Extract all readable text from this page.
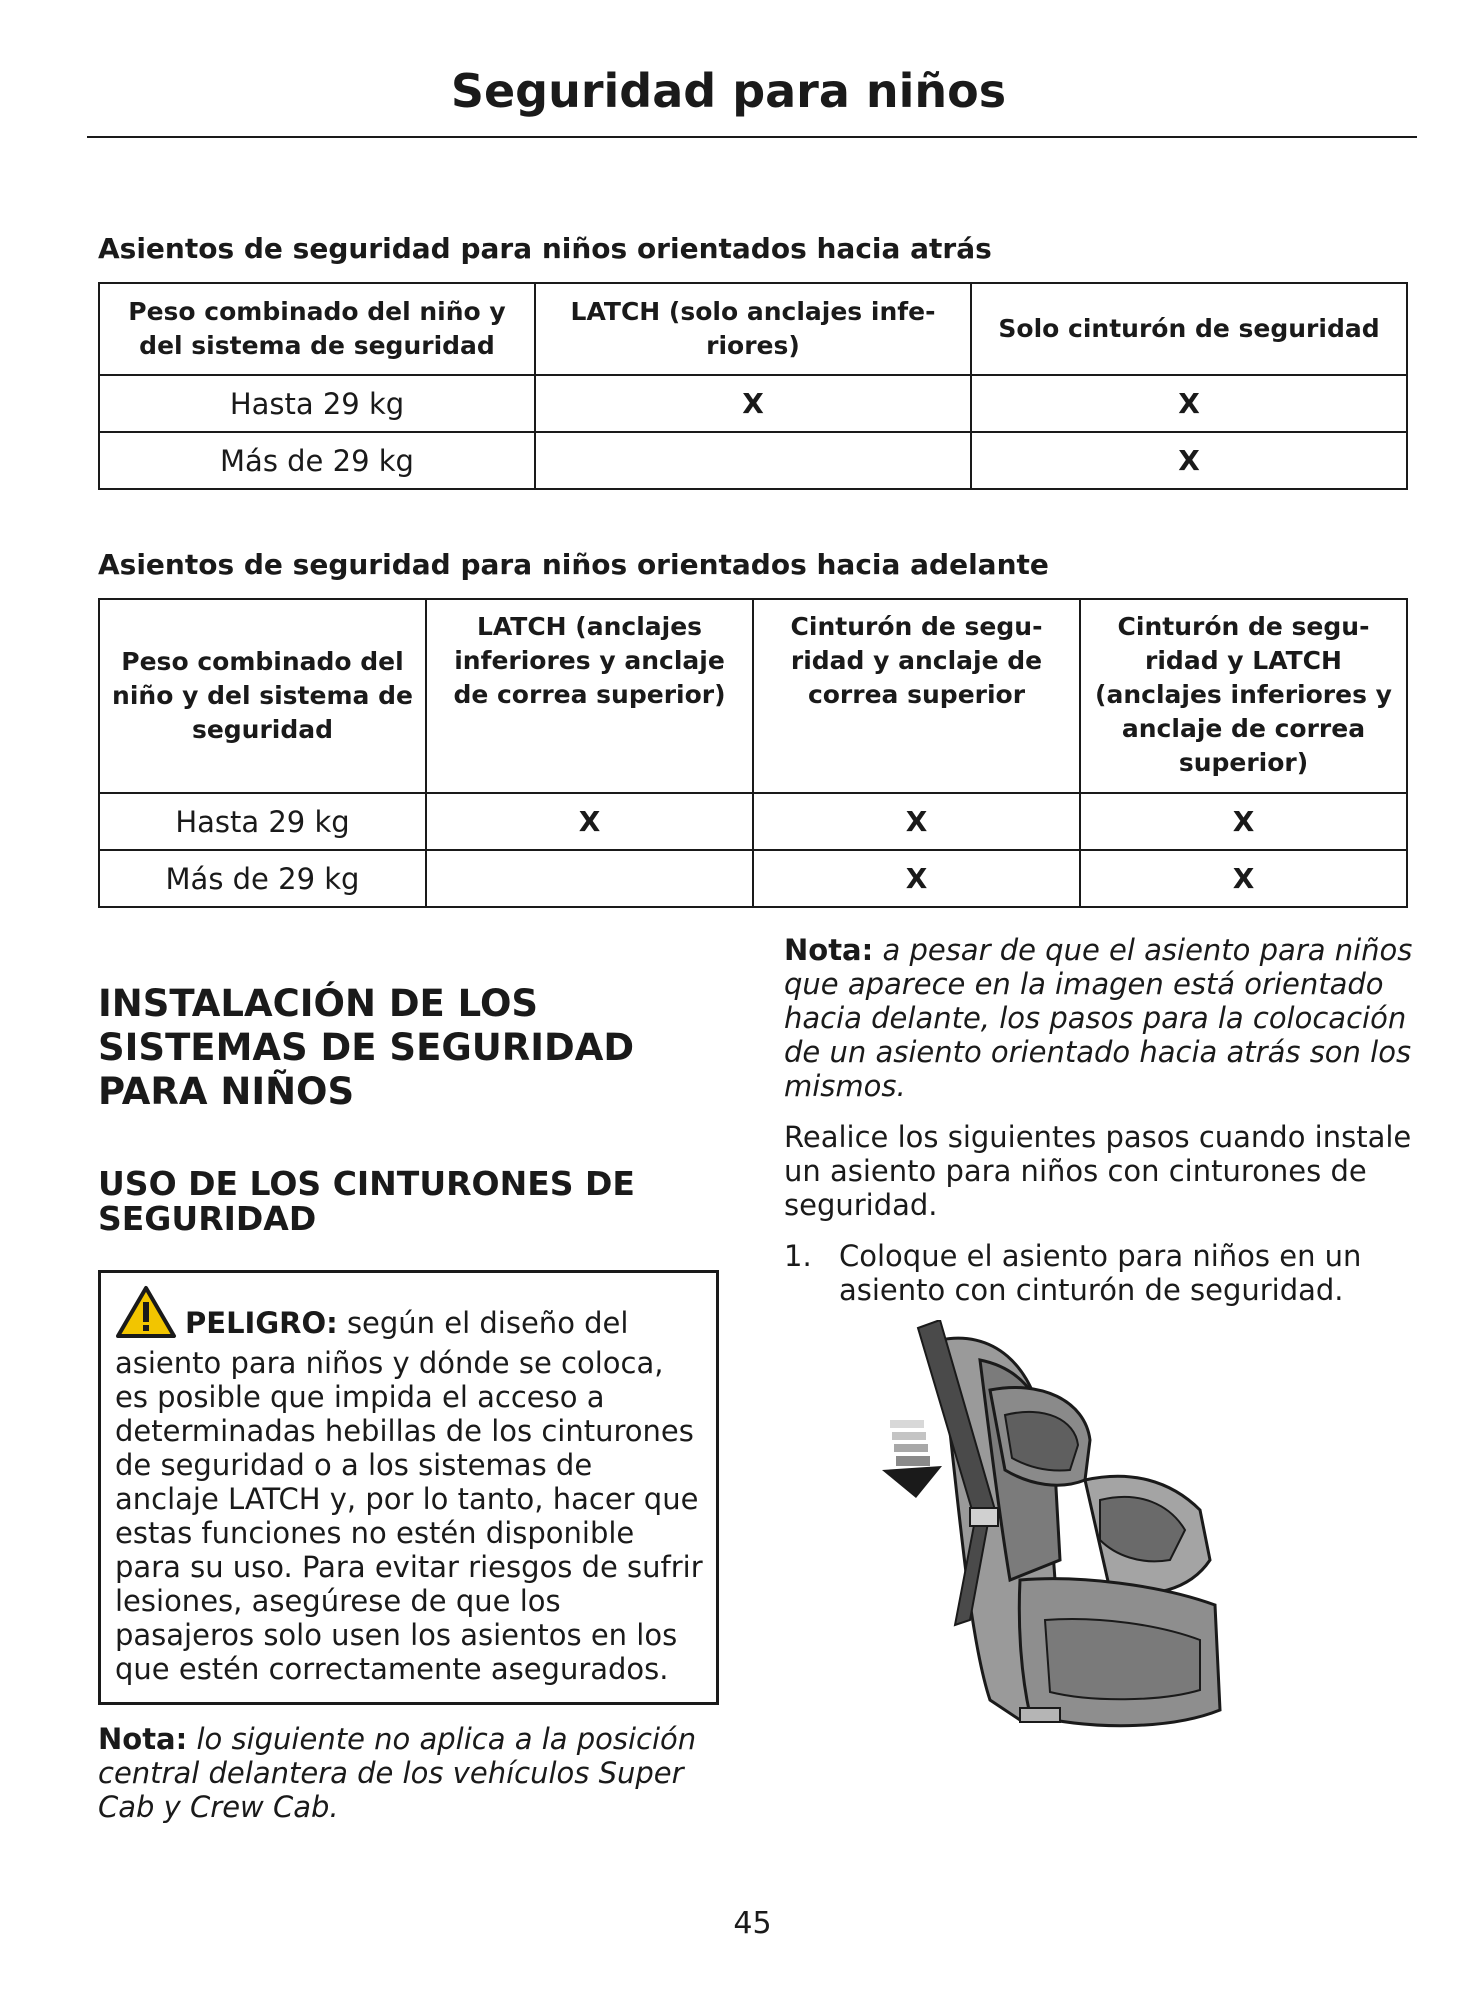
Seguridad para niños
Asientos de seguridad para niños orientados hacia atrás
Peso combinado del niño y del sistema de seguridad	LATCH (solo anclajes infe-riores)	Solo cinturón de seguridad
Hasta 29 kg	X	X
Más de 29 kg		X
Asientos de seguridad para niños orientados hacia adelante
Peso combinado del niño y del sistema de seguridad	LATCH (anclajes inferiores y anclaje de correa superior)	Cinturón de segu-ridad y anclaje de correa superior	Cinturón de segu-ridad y LATCH (anclajes inferiores y anclaje de correa superior)
Hasta 29 kg	X	X	X
Más de 29 kg		X	X
INSTALACIÓN DE LOS SISTEMAS DE SEGURIDAD PARA NIÑOS
USO DE LOS CINTURONES DE SEGURIDAD
PELIGRO: según el diseño del asiento para niños y dónde se coloca, es posible que impida el acceso a determinadas hebillas de los cinturones de seguridad o a los sistemas de anclaje LATCH y, por lo tanto, hacer que estas funciones no estén disponible para su uso. Para evitar riesgos de sufrir lesiones, asegúrese de que los pasajeros solo usen los asientos en los que estén correctamente asegurados.

Nota: lo siguiente no aplica a la posición central delantera de los vehículos Super Cab y Crew Cab.

Nota: a pesar de que el asiento para niños que aparece en la imagen está orientado hacia delante, los pasos para la colocación de un asiento orientado hacia atrás son los mismos.

Realice los siguientes pasos cuando instale un asiento para niños con cinturones de seguridad.

1. Coloque el asiento para niños en un asiento con cinturón de seguridad.

45
